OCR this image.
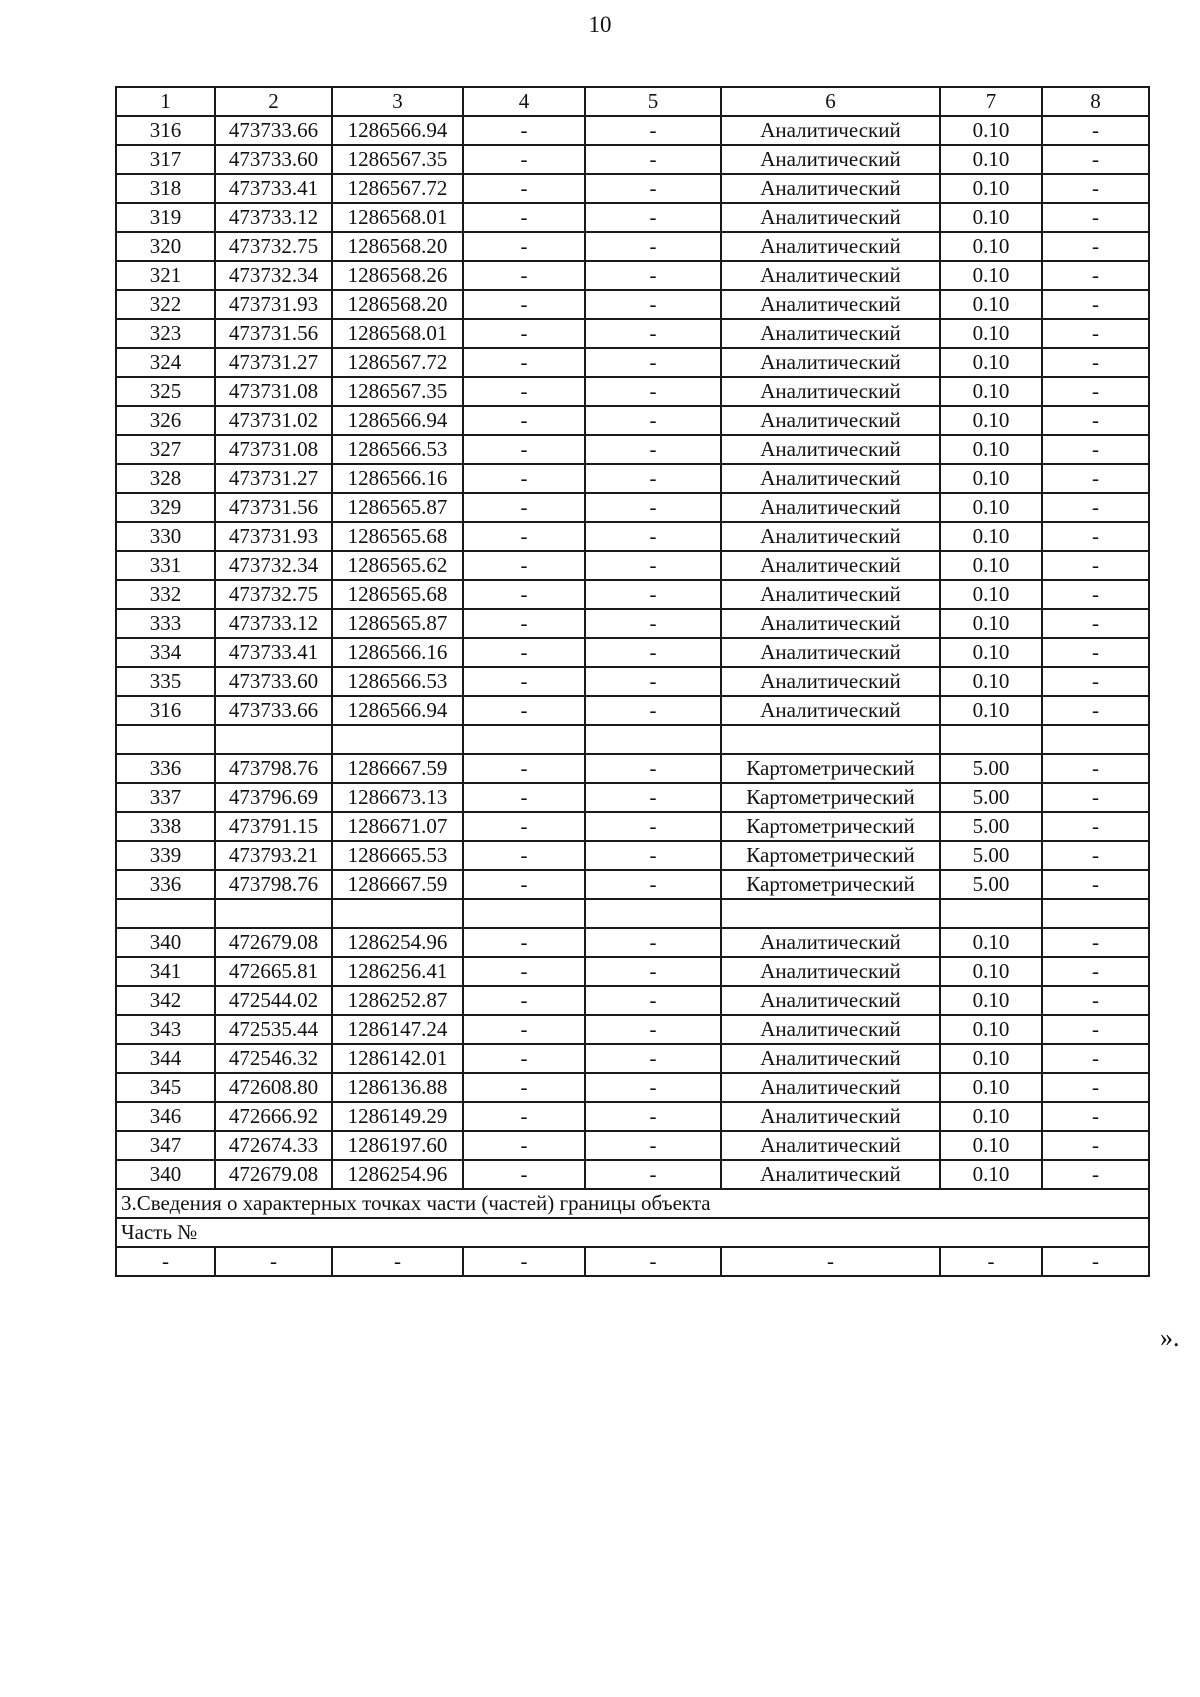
10
1	2	3	4	5	6	7	8
316	473733.66	1286566.94	-	-	Аналитический	0.10	-
317	473733.60	1286567.35	-	-	Аналитический	0.10	-
318	473733.41	1286567.72	-	-	Аналитический	0.10	-
319	473733.12	1286568.01	-	-	Аналитический	0.10	-
320	473732.75	1286568.20	-	-	Аналитический	0.10	-
321	473732.34	1286568.26	-	-	Аналитический	0.10	-
322	473731.93	1286568.20	-	-	Аналитический	0.10	-
323	473731.56	1286568.01	-	-	Аналитический	0.10	-
324	473731.27	1286567.72	-	-	Аналитический	0.10	-
325	473731.08	1286567.35	-	-	Аналитический	0.10	-
326	473731.02	1286566.94	-	-	Аналитический	0.10	-
327	473731.08	1286566.53	-	-	Аналитический	0.10	-
328	473731.27	1286566.16	-	-	Аналитический	0.10	-
329	473731.56	1286565.87	-	-	Аналитический	0.10	-
330	473731.93	1286565.68	-	-	Аналитический	0.10	-
331	473732.34	1286565.62	-	-	Аналитический	0.10	-
332	473732.75	1286565.68	-	-	Аналитический	0.10	-
333	473733.12	1286565.87	-	-	Аналитический	0.10	-
334	473733.41	1286566.16	-	-	Аналитический	0.10	-
335	473733.60	1286566.53	-	-	Аналитический	0.10	-
316	473733.66	1286566.94	-	-	Аналитический	0.10	-

336	473798.76	1286667.59	-	-	Картометрический	5.00	-
337	473796.69	1286673.13	-	-	Картометрический	5.00	-
338	473791.15	1286671.07	-	-	Картометрический	5.00	-
339	473793.21	1286665.53	-	-	Картометрический	5.00	-
336	473798.76	1286667.59	-	-	Картометрический	5.00	-

340	472679.08	1286254.96	-	-	Аналитический	0.10	-
341	472665.81	1286256.41	-	-	Аналитический	0.10	-
342	472544.02	1286252.87	-	-	Аналитический	0.10	-
343	472535.44	1286147.24	-	-	Аналитический	0.10	-
344	472546.32	1286142.01	-	-	Аналитический	0.10	-
345	472608.80	1286136.88	-	-	Аналитический	0.10	-
346	472666.92	1286149.29	-	-	Аналитический	0.10	-
347	472674.33	1286197.60	-	-	Аналитический	0.10	-
340	472679.08	1286254.96	-	-	Аналитический	0.10	-
3.Сведения о характерных точках части (частей) границы объекта							
Часть №							
-	-	-	-	-	-	-	-
».
